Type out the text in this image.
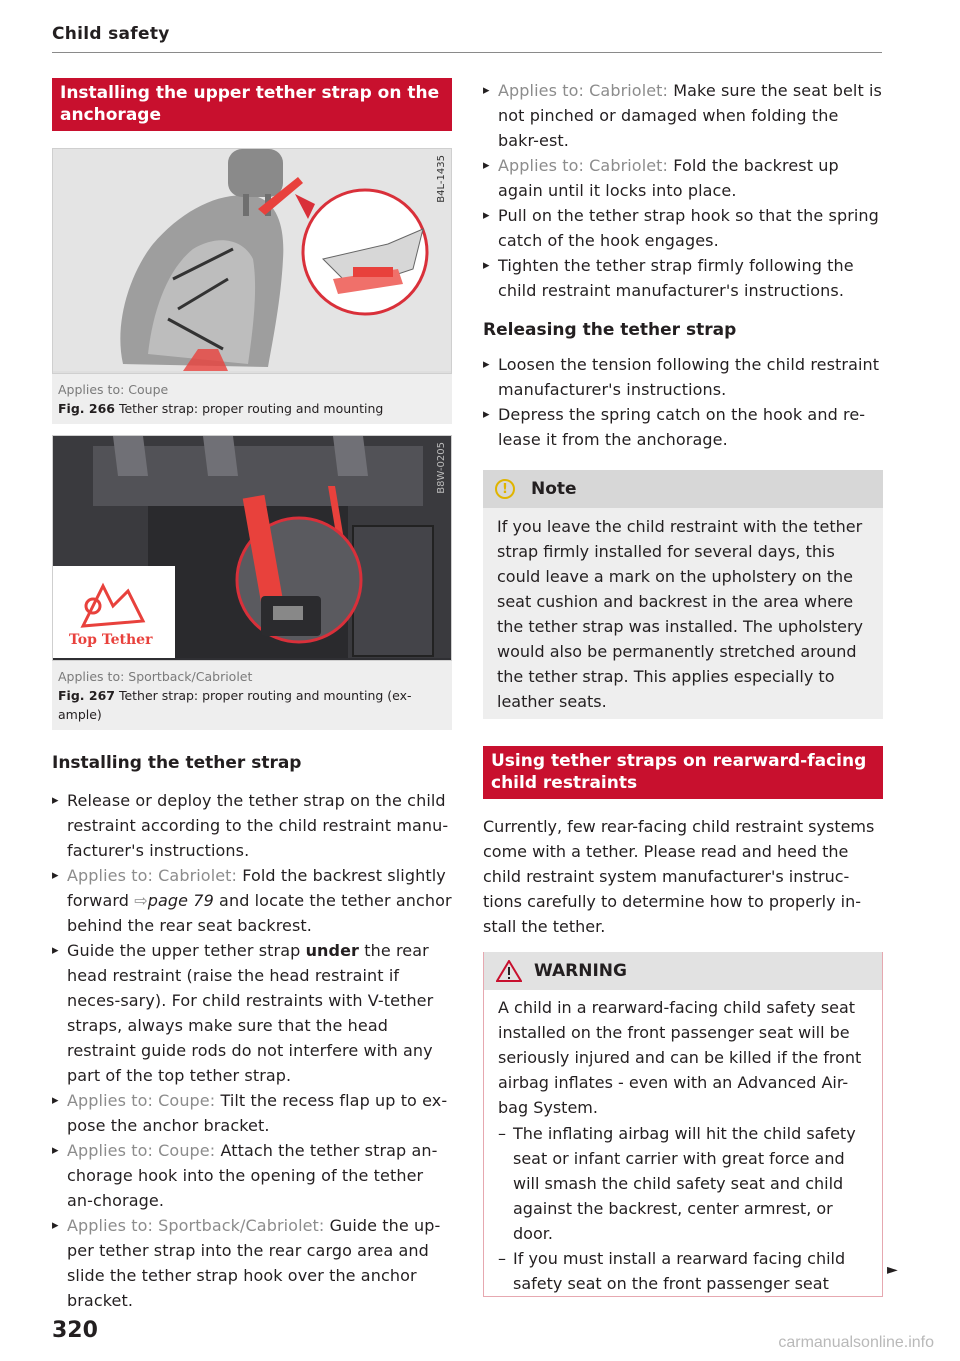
Child safety
Installing the upper tether strap on the anchorage
B4L-1435
Applies to: Coupe
Fig. 266 Tether strap: proper routing and mounting
B8W-0205
Top Tether
Applies to: Sportback/Cabriolet
Fig. 267 Tether strap: proper routing and mounting (ex-ample)
Installing the tether strap
▸ Release or deploy the tether strap on the child restraint according to the child restraint manu-facturer's instructions.
▸ Applies to: Cabriolet: Fold the backrest slightly forward ⇨page 79 and locate the tether anchor behind the rear seat backrest.
▸ Guide the upper tether strap under the rear head restraint (raise the head restraint if neces-sary). For child restraints with V-tether straps, always make sure that the head restraint guide rods do not interfere with any part of the top tether strap.
▸ Applies to: Coupe: Tilt the recess flap up to ex-pose the anchor bracket.
▸ Applies to: Coupe: Attach the tether strap an-chorage hook into the opening of the tether an-chorage.
▸ Applies to: Sportback/Cabriolet: Guide the up-per tether strap into the rear cargo area and slide the tether strap hook over the anchor bracket.
▸ Applies to: Cabriolet: Make sure the seat belt is not pinched or damaged when folding the bakr-est.
▸ Applies to: Cabriolet: Fold the backrest up again until it locks into place.
▸ Pull on the tether strap hook so that the spring catch of the hook engages.
▸ Tighten the tether strap firmly following the child restraint manufacturer's instructions.
Releasing the tether strap
▸ Loosen the tension following the child restraint manufacturer's instructions.
▸ Depress the spring catch on the hook and re-lease it from the anchorage.
!	Note
If you leave the child restraint with the tether strap firmly installed for several days, this could leave a mark on the upholstery on the seat cushion and backrest in the area where the tether strap was installed. The upholstery would also be permanently stretched around the tether strap. This applies especially to leather seats.
Using tether straps on rearward-facing child restraints

Currently, few rear-facing child restraint systems come with a tether. Please read and heed the child restraint system manufacturer's instruc-tions carefully to determine how to properly in-stall the tether.

WARNING
A child in a rearward-facing child safety seat installed on the front passenger seat will be seriously injured and can be killed if the front airbag inflates - even with an Advanced Air-bag System.
– The inflating airbag will hit the child safety seat or infant carrier with great force and will smash the child safety seat and child against the backrest, center armrest, or door.
– If you must install a rearward facing child safety seat on the front passenger seat
►
320	carmanualsonline.info
